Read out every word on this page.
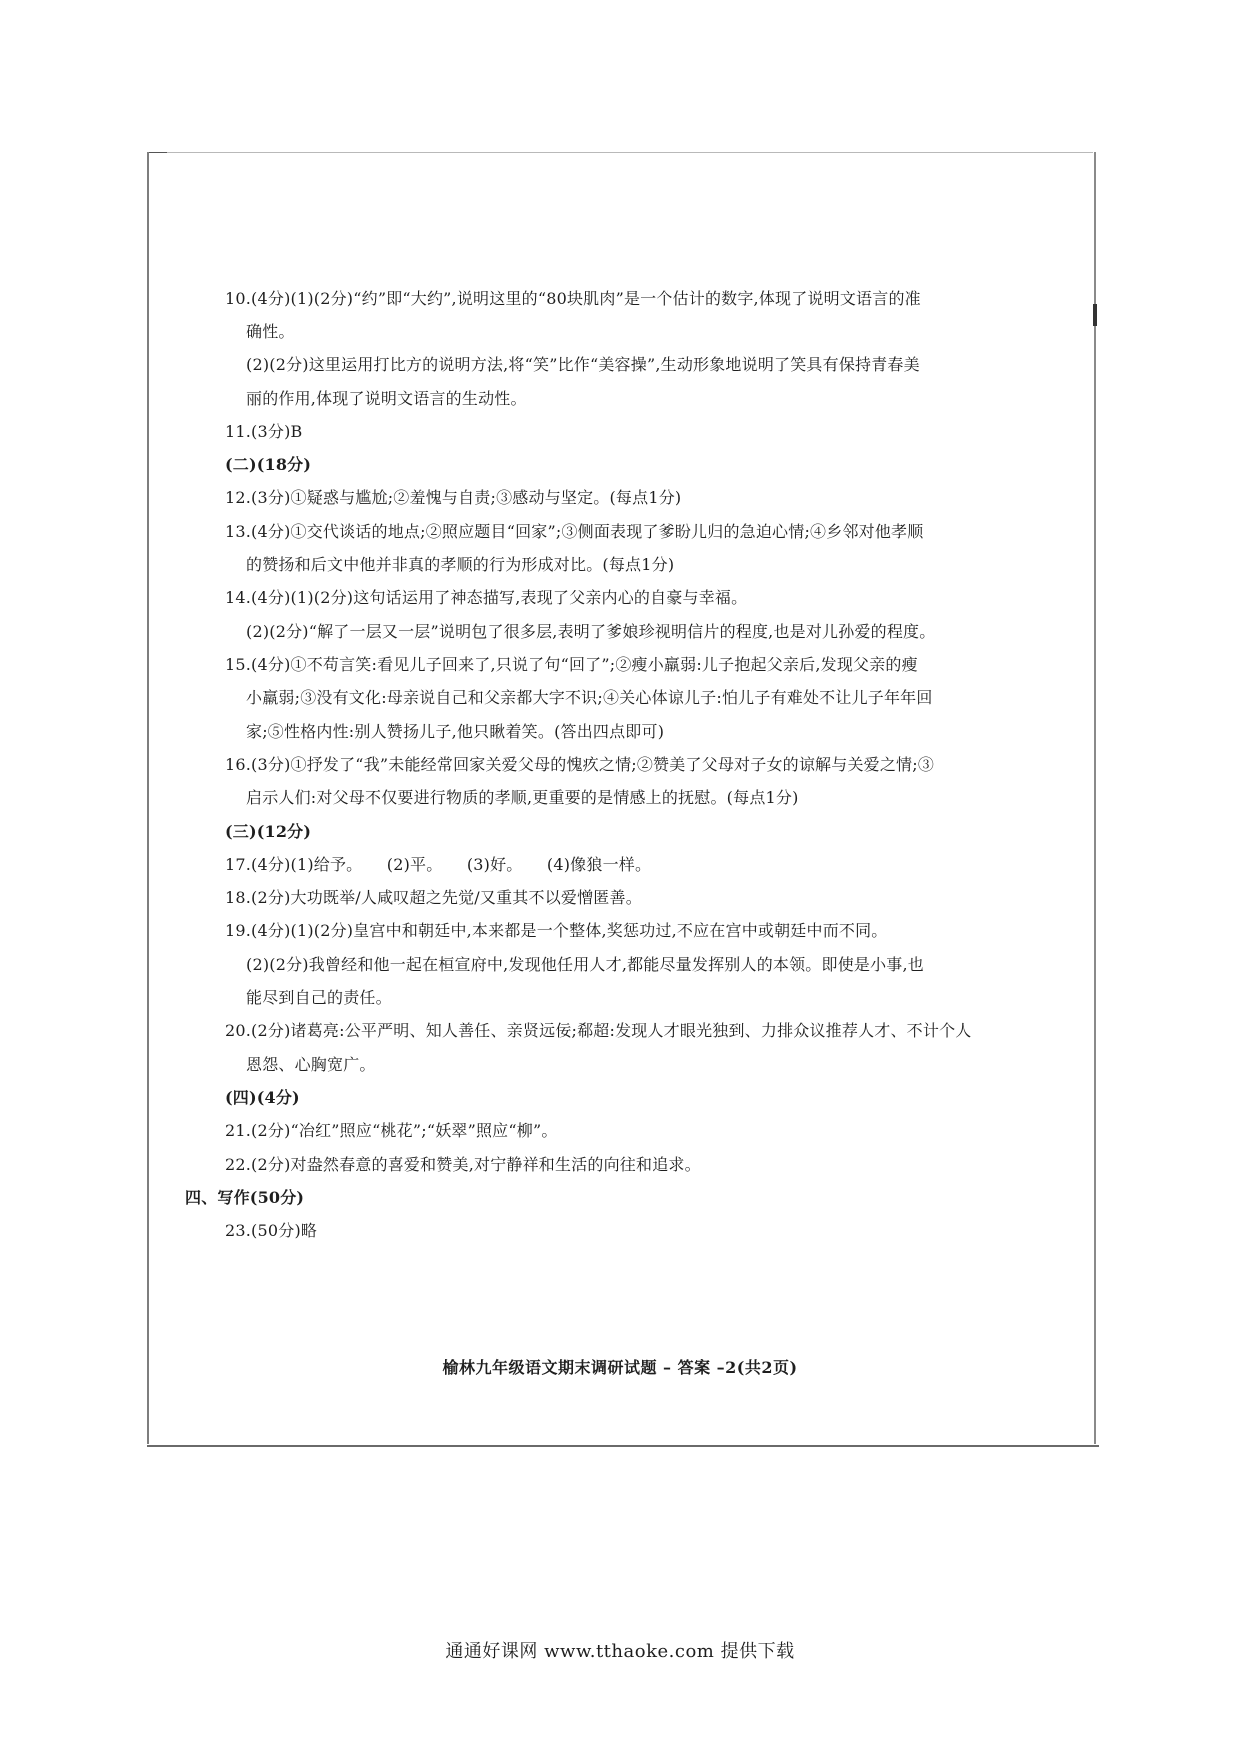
10.(4分)(1)(2分)“约”即“大约”,说明这里的“80块肌肉”是一个估计的数字,体现了说明文语言的准
确性。
(2)(2分)这里运用打比方的说明方法,将“笑”比作“美容操”,生动形象地说明了笑具有保持青春美
丽的作用,体现了说明文语言的生动性。
11.(3分)B
(二)(18分)
12.(3分)①疑惑与尴尬;②羞愧与自责;③感动与坚定。(每点1分)
13.(4分)①交代谈话的地点;②照应题目“回家”;③侧面表现了爹盼儿归的急迫心情;④乡邻对他孝顺
的赞扬和后文中他并非真的孝顺的行为形成对比。(每点1分)
14.(4分)(1)(2分)这句话运用了神态描写,表现了父亲内心的自豪与幸福。
(2)(2分)“解了一层又一层”说明包了很多层,表明了爹娘珍视明信片的程度,也是对儿孙爱的程度。
15.(4分)①不苟言笑:看见儿子回来了,只说了句“回了”;②瘦小羸弱:儿子抱起父亲后,发现父亲的瘦
小羸弱;③没有文化:母亲说自己和父亲都大字不识;④关心体谅儿子:怕儿子有难处不让儿子年年回
家;⑤性格内性:别人赞扬儿子,他只瞅着笑。(答出四点即可)
16.(3分)①抒发了“我”未能经常回家关爱父母的愧疚之情;②赞美了父母对子女的谅解与关爱之情;③
启示人们:对父母不仅要进行物质的孝顺,更重要的是情感上的抚慰。(每点1分)
(三)(12分)
17.(4分)(1)给予。　　(2)平。　　(3)好。　　(4)像狼一样。
18.(2分)大功既举/人咸叹超之先觉/又重其不以爱憎匿善。
19.(4分)(1)(2分)皇宫中和朝廷中,本来都是一个整体,奖惩功过,不应在宫中或朝廷中而不同。
(2)(2分)我曾经和他一起在桓宣府中,发现他任用人才,都能尽量发挥别人的本领。即使是小事,也
能尽到自己的责任。
20.(2分)诸葛亮:公平严明、知人善任、亲贤远佞;郗超:发现人才眼光独到、力排众议推荐人才、不计个人
恩怨、心胸宽广。
(四)(4分)
21.(2分)“冶红”照应“桃花”;“妖翠”照应“柳”。
22.(2分)对盎然春意的喜爱和赞美,对宁静祥和生活的向往和追求。
四、写作(50分)
23.(50分)略
榆林九年级语文期末调研试题 – 答案 –2(共2页)
通通好课网 www.tthaoke.com 提供下载
